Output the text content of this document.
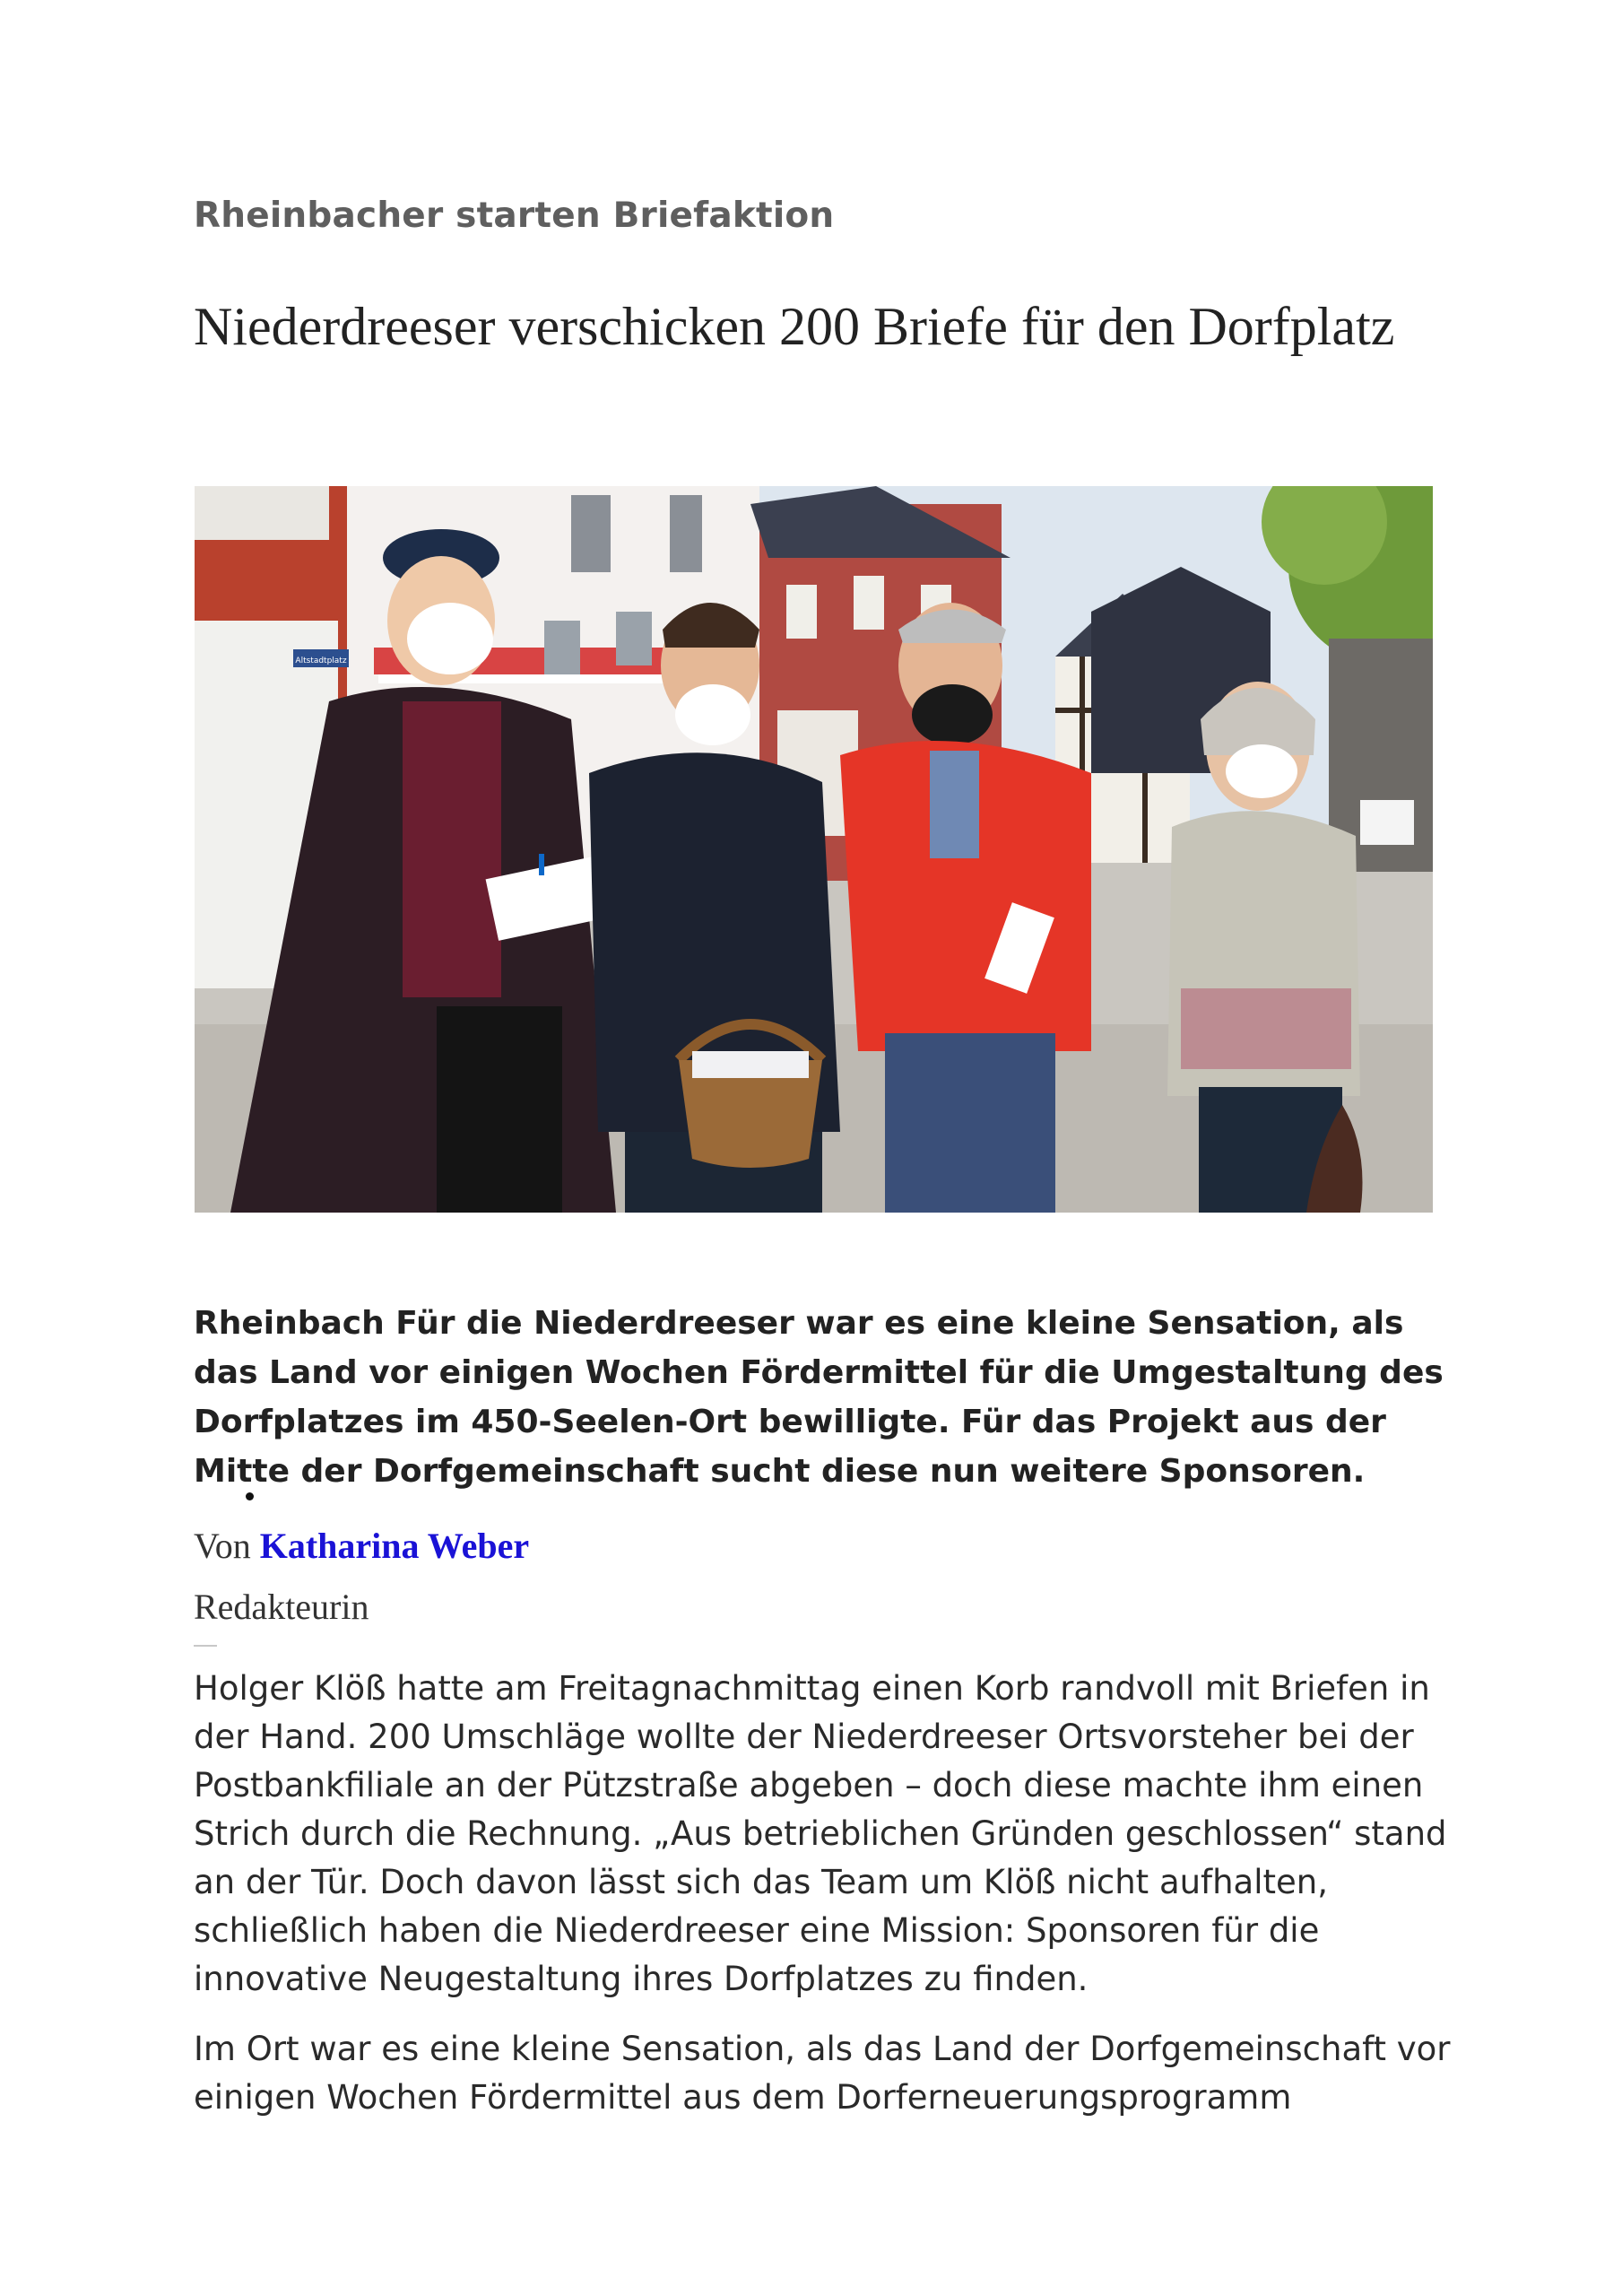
Rheinbacher starten Briefaktion
Niederdreeser verschicken 200 Briefe für den Dorfplatz
Altstadtplatz

Rheinbach Für die Niederdreeser war es eine kleine Sensation, als das Land vor einigen Wochen Fördermittel für die Umgestaltung des Dorfplatzes im 450-Seelen-Ort bewilligte. Für das Projekt aus der Mitte der Dorfgemeinschaft sucht diese nun weitere Sponsoren.

Von Katharina Weber
Redakteurin

Holger Klöß hatte am Freitagnachmittag einen Korb randvoll mit Briefen in der Hand. 200 Umschläge wollte der Niederdreeser Ortsvorsteher bei der Postbankfiliale an der Pützstraße abgeben – doch diese machte ihm einen Strich durch die Rechnung. „Aus betrieblichen Gründen geschlossen“ stand an der Tür. Doch davon lässt sich das Team um Klöß nicht aufhalten, schließlich haben die Niederdreeser eine Mission: Sponsoren für die innovative Neugestaltung ihres Dorfplatzes zu finden.

Im Ort war es eine kleine Sensation, als das Land der Dorfgemeinschaft vor einigen Wochen Fördermittel aus dem Dorferneuerungsprogramm
